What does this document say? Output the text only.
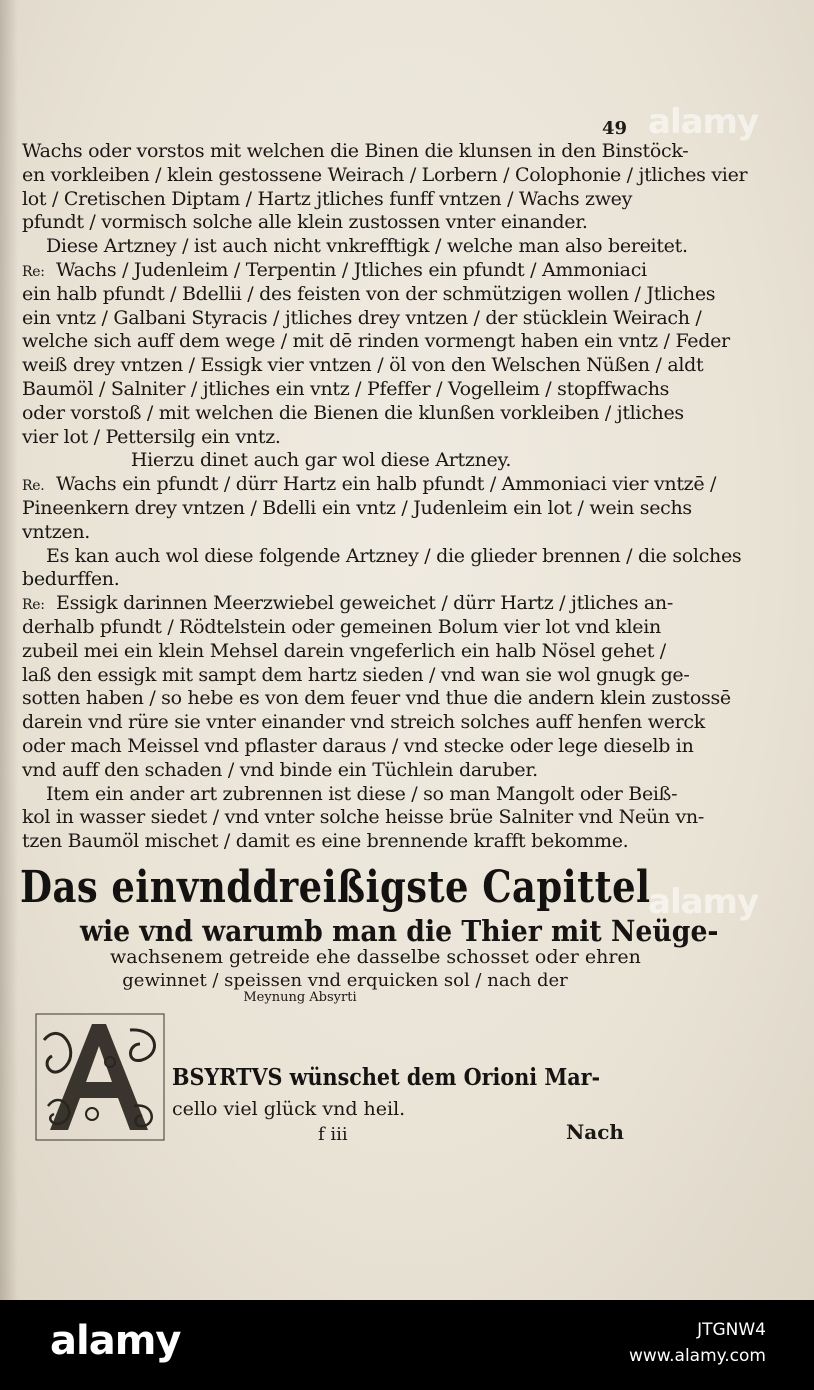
49
Wachs oder vorstos mit welchen die Binen die klunsen in den Binstöck-
en vorkleiben / klein gestossene Weirach / Lorbern / Colophonie / jtliches vier
lot / Cretischen Diptam / Hartz jtliches funff vntzen / Wachs zwey
pfundt / vormisch solche alle klein zustossen vnter einander.
Diese Artzney / ist auch nicht vnkrefftigk / welche man also bereitet.
Re: Wachs / Judenleim / Terpentin / Jtliches ein pfundt / Ammoniaci
ein halb pfundt / Bdellii / des feisten von der schmützigen wollen / Jtliches
ein vntz / Galbani Styracis / jtliches drey vntzen / der stücklein Weirach /
welche sich auff dem wege / mit dē rinden vormengt haben ein vntz / Feder
weiß drey vntzen / Essigk vier vntzen / öl von den Welschen Nüßen / aldt
Baumöl / Salniter / jtliches ein vntz / Pfeffer / Vogelleim / stopffwachs
oder vorstoß / mit welchen die Bienen die klunßen vorkleiben / jtliches
vier lot / Pettersilg ein vntz.
Hierzu dinet auch gar wol diese Artzney.
Re. Wachs ein pfundt / dürr Hartz ein halb pfundt / Ammoniaci vier vntzē /
Pineenkern drey vntzen / Bdelli ein vntz / Judenleim ein lot / wein sechs
vntzen.
Es kan auch wol diese folgende Artzney / die glieder brennen / die solches
bedurffen.
Re: Essigk darinnen Meerzwiebel geweichet / dürr Hartz / jtliches an-
derhalb pfundt / Rödtelstein oder gemeinen Bolum vier lot vnd klein
zubeil mei ein klein Mehsel darein vngeferlich ein halb Nösel gehet /
laß den essigk mit sampt dem hartz sieden / vnd wan sie wol gnugk ge-
sotten haben / so hebe es von dem feuer vnd thue die andern klein zustossē
darein vnd rüre sie vnter einander vnd streich solches auff henfen werck
oder mach Meissel vnd pflaster daraus / vnd stecke oder lege dieselb in
vnd auff den schaden / vnd binde ein Tüchlein daruber.
Item ein ander art zubrennen ist diese / so man Mangolt oder Beiß-
kol in wasser siedet / vnd vnter solche heisse brüe Salniter vnd Neün vn-
tzen Baumöl mischet / damit es eine brennende krafft bekomme.
Das einvnddreißigste Capittel
wie vnd warumb man die Thier mit Neüge-
wachsenem getreide ehe dasselbe schosset oder ehren
gewinnet / speissen vnd erquicken sol / nach der
Meynung Absyrti
BSYRTVS wünschet dem Orioni Mar-
cello viel glück vnd heil.
f iii	Nach
alamy
alamy
alamy	JTGNW4
www.alamy.com
